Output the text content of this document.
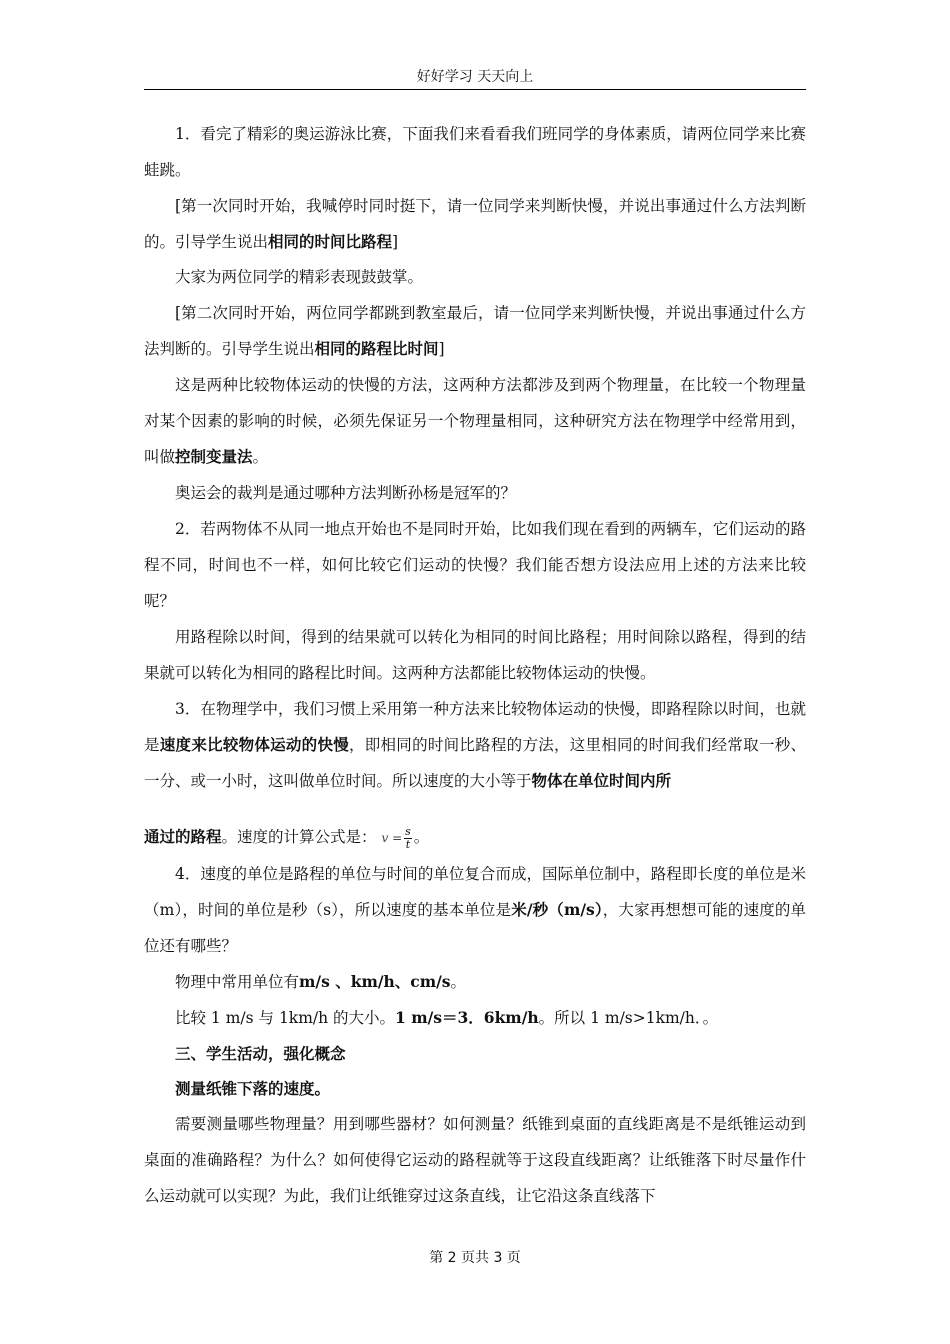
好好学习 天天向上

1．看完了精彩的奥运游泳比赛，下面我们来看看我们班同学的身体素质，请两位同学来比赛蛙跳。

[第一次同时开始，我喊停时同时挺下，请一位同学来判断快慢，并说出事通过什么方法判断的。引导学生说出相同的时间比路程]

大家为两位同学的精彩表现鼓鼓掌。

[第二次同时开始，两位同学都跳到教室最后，请一位同学来判断快慢，并说出事通过什么方法判断的。引导学生说出相同的路程比时间]

这是两种比较物体运动的快慢的方法，这两种方法都涉及到两个物理量，在比较一个物理量对某个因素的影响的时候，必须先保证另一个物理量相同，这种研究方法在物理学中经常用到，叫做控制变量法。

奥运会的裁判是通过哪种方法判断孙杨是冠军的？

2．若两物体不从同一地点开始也不是同时开始，比如我们现在看到的两辆车，它们运动的路程不同，时间也不一样，如何比较它们运动的快慢？我们能否想方设法应用上述的方法来比较呢？

用路程除以时间，得到的结果就可以转化为相同的时间比路程；用时间除以路程，得到的结果就可以转化为相同的路程比时间。这两种方法都能比较物体运动的快慢。

3．在物理学中，我们习惯上采用第一种方法来比较物体运动的快慢，即路程除以时间，也就是速度来比较物体运动的快慢，即相同的时间比路程的方法，这里相同的时间我们经常取一秒、一分、或一小时，这叫做单位时间。所以速度的大小等于物体在单位时间内所

通过的路程。速度的计算公式是： $v = \frac{s}{t}$ 。

4．速度的单位是路程的单位与时间的单位复合而成，国际单位制中，路程即长度的单位是米（m），时间的单位是秒（s），所以速度的基本单位是米/秒（m/s），大家再想想可能的速度的单位还有哪些？

物理中常用单位有m/s 、km/h、cm/s。

比较 1 m/s 与 1km/h 的大小。1 m/s＝3．6km/h。所以 1 m/s>1km/h．。

三、学生活动，强化概念

测量纸锥下落的速度。

需要测量哪些物理量？用到哪些器材？如何测量？纸锥到桌面的直线距离是不是纸锥运动到桌面的准确路程？为什么？如何使得它运动的路程就等于这段直线距离？让纸锥落下时尽量作什么运动就可以实现？为此，我们让纸锥穿过这条直线，让它沿这条直线落下

第 2 页共 3 页
